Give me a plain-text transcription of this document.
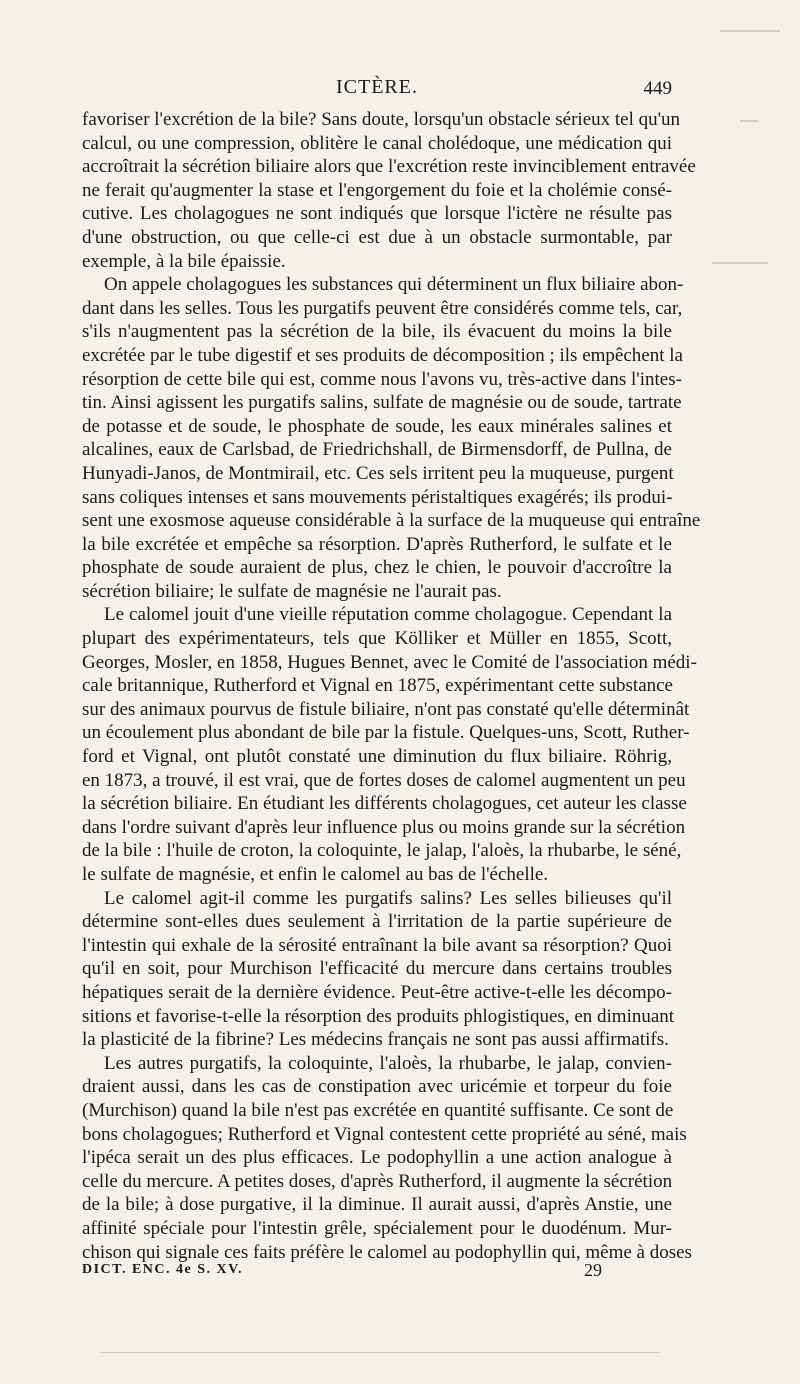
ICTÈRE.	449
favoriser l'excrétion de la bile? Sans doute, lorsqu'un obstacle sérieux tel qu'un
calcul, ou une compression, oblitère le canal cholédoque, une médication qui
accroîtrait la sécrétion biliaire alors que l'excrétion reste invinciblement entravée
ne ferait qu'augmenter la stase et l'engorgement du foie et la cholémie consé-
cutive. Les cholagogues ne sont indiqués que lorsque l'ictère ne résulte pas
d'une obstruction, ou que celle-ci est due à un obstacle surmontable, par
exemple, à la bile épaissie.
On appele cholagogues les substances qui déterminent un flux biliaire abon-
dant dans les selles. Tous les purgatifs peuvent être considérés comme tels, car,
s'ils n'augmentent pas la sécrétion de la bile, ils évacuent du moins la bile
excrétée par le tube digestif et ses produits de décomposition ; ils empêchent la
résorption de cette bile qui est, comme nous l'avons vu, très-active dans l'intes-
tin. Ainsi agissent les purgatifs salins, sulfate de magnésie ou de soude, tartrate
de potasse et de soude, le phosphate de soude, les eaux minérales salines et
alcalines, eaux de Carlsbad, de Friedrichshall, de Birmensdorff, de Pullna, de
Hunyadi-Janos, de Montmirail, etc. Ces sels irritent peu la muqueuse, purgent
sans coliques intenses et sans mouvements péristaltiques exagérés; ils produi-
sent une exosmose aqueuse considérable à la surface de la muqueuse qui entraîne
la bile excrétée et empêche sa résorption. D'après Rutherford, le sulfate et le
phosphate de soude auraient de plus, chez le chien, le pouvoir d'accroître la
sécrétion biliaire; le sulfate de magnésie ne l'aurait pas.
Le calomel jouit d'une vieille réputation comme cholagogue. Cependant la
plupart des expérimentateurs, tels que Kölliker et Müller en 1855, Scott,
Georges, Mosler, en 1858, Hugues Bennet, avec le Comité de l'association médi-
cale britannique, Rutherford et Vignal en 1875, expérimentant cette substance
sur des animaux pourvus de fistule biliaire, n'ont pas constaté qu'elle déterminât
un écoulement plus abondant de bile par la fistule. Quelques-uns, Scott, Ruther-
ford et Vignal, ont plutôt constaté une diminution du flux biliaire. Röhrig,
en 1873, a trouvé, il est vrai, que de fortes doses de calomel augmentent un peu
la sécrétion biliaire. En étudiant les différents cholagogues, cet auteur les classe
dans l'ordre suivant d'après leur influence plus ou moins grande sur la sécrétion
de la bile : l'huile de croton, la coloquinte, le jalap, l'aloès, la rhubarbe, le séné,
le sulfate de magnésie, et enfin le calomel au bas de l'échelle.
Le calomel agit-il comme les purgatifs salins? Les selles bilieuses qu'il
détermine sont-elles dues seulement à l'irritation de la partie supérieure de
l'intestin qui exhale de la sérosité entraînant la bile avant sa résorption? Quoi
qu'il en soit, pour Murchison l'efficacité du mercure dans certains troubles
hépatiques serait de la dernière évidence. Peut-être active-t-elle les décompo-
sitions et favorise-t-elle la résorption des produits phlogistiques, en diminuant
la plasticité de la fibrine? Les médecins français ne sont pas aussi affirmatifs.
Les autres purgatifs, la coloquinte, l'aloès, la rhubarbe, le jalap, convien-
draient aussi, dans les cas de constipation avec uricémie et torpeur du foie
(Murchison) quand la bile n'est pas excrétée en quantité suffisante. Ce sont de
bons cholagogues; Rutherford et Vignal contestent cette propriété au séné, mais
l'ipéca serait un des plus efficaces. Le podophyllin a une action analogue à
celle du mercure. A petites doses, d'après Rutherford, il augmente la sécrétion
de la bile; à dose purgative, il la diminue. Il aurait aussi, d'après Anstie, une
affinité spéciale pour l'intestin grêle, spécialement pour le duodénum. Mur-
chison qui signale ces faits préfère le calomel au podophyllin qui, même à doses
DICT. ENC. 4e S. XV.	29
